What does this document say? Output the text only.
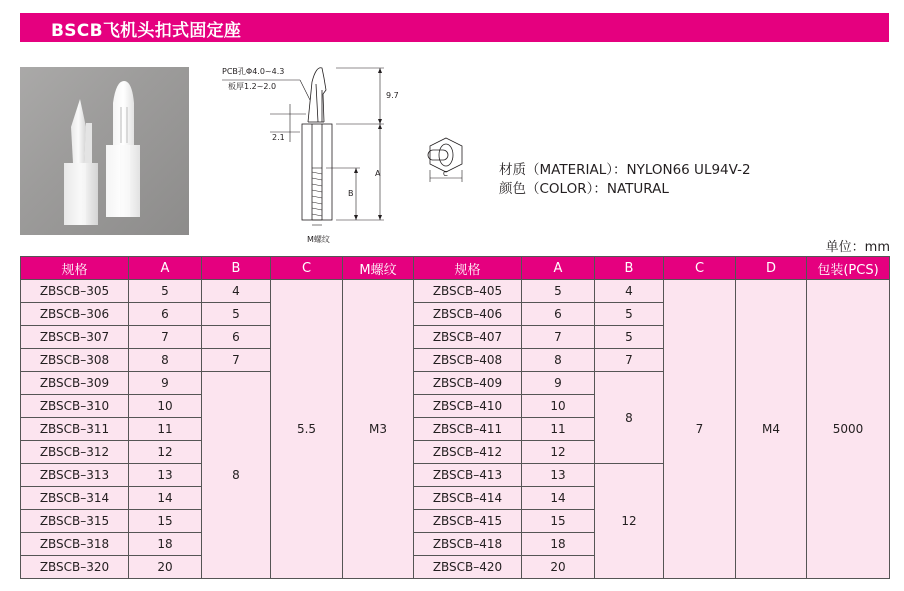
BSCB飞机头扣式固定座
PCB孔Φ4.0~4.3
板厚1.2~2.0
9.7
2.1
A
B
C
M螺纹
材质（MATERIAL）：NYLON66 UL94V-2
颜色（COLOR）：NATURAL
单位：mm
规格	A	B	C	M螺纹	规格	A	B	C	D	包装(PCS)
ZBSCB–305	5	4	5.5	M3	ZBSCB–405	5	4	7	M4	5000
ZBSCB–306	6	5			ZBSCB–406	6	5			
ZBSCB–307	7	6			ZBSCB–407	7	5			
ZBSCB–308	8	7			ZBSCB–408	8	7			
ZBSCB–309	9	8			ZBSCB–409	9	8			
ZBSCB–310	10				ZBSCB–410	10				
ZBSCB–311	11				ZBSCB–411	11				
ZBSCB–312	12				ZBSCB–412	12				
ZBSCB–313	13				ZBSCB–413	13	12			
ZBSCB–314	14				ZBSCB–414	14				
ZBSCB–315	15				ZBSCB–415	15				
ZBSCB–318	18				ZBSCB–418	18				
ZBSCB–320	20				ZBSCB–420	20				
